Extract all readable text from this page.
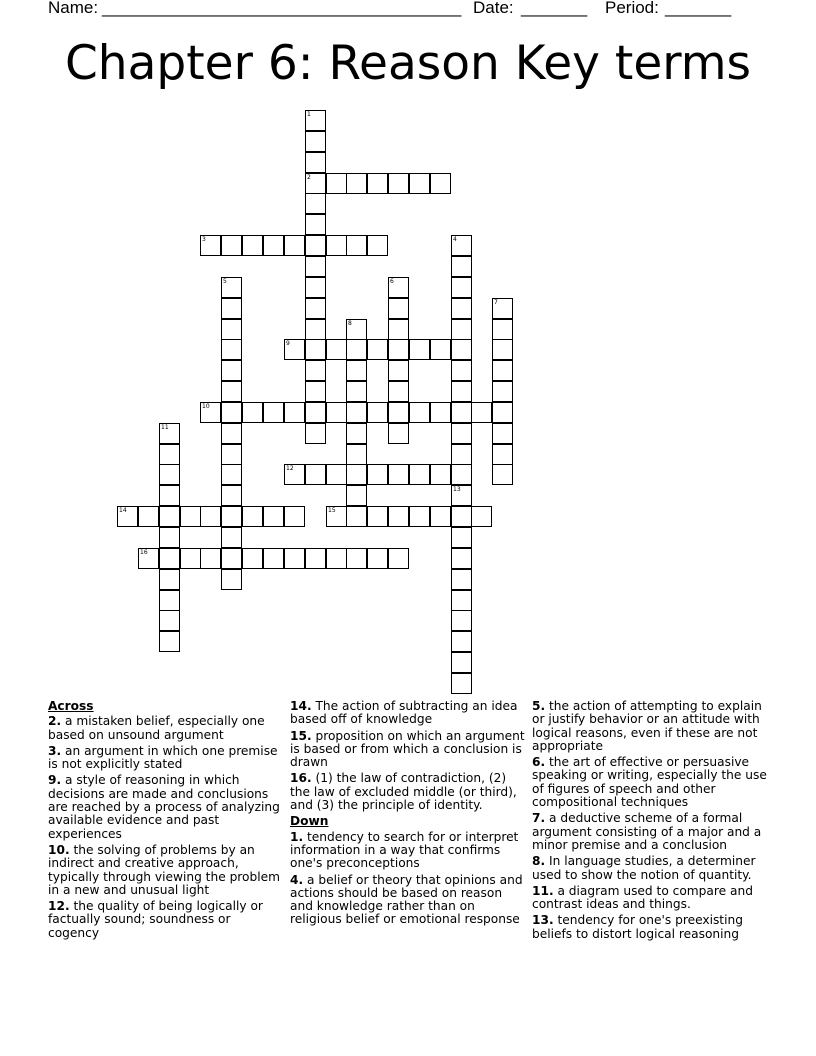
Name: ______________________________________ Date: _______ Period: _______
Chapter 6: Reason Key terms
1
2
3	4
5	6
7
8
9
10
11
12
13
14	15
16
Across
2. a mistaken belief, especially one based on unsound argument
3. an argument in which one premise is not explicitly stated
9. a style of reasoning in which decisions are made and conclusions are reached by a process of analyzing available evidence and past experiences
10. the solving of problems by an indirect and creative approach, typically through viewing the problem in a new and unusual light
12. the quality of being logically or factually sound; soundness or cogency
14. The action of subtracting an idea based off of knowledge
15. proposition on which an argument is based or from which a conclusion is drawn
16. (1) the law of contradiction, (2) the law of excluded middle (or third), and (3) the principle of identity.
Down
1. tendency to search for or interpret information in a way that confirms one's preconceptions
4. a belief or theory that opinions and actions should be based on reason and knowledge rather than on religious belief or emotional response
5. the action of attempting to explain or justify behavior or an attitude with logical reasons, even if these are not appropriate
6. the art of effective or persuasive speaking or writing, especially the use of figures of speech and other compositional techniques
7. a deductive scheme of a formal argument consisting of a major and a minor premise and a conclusion
8. In language studies, a determiner used to show the notion of quantity.
11. a diagram used to compare and contrast ideas and things.
13. tendency for one's preexisting beliefs to distort logical reasoning
